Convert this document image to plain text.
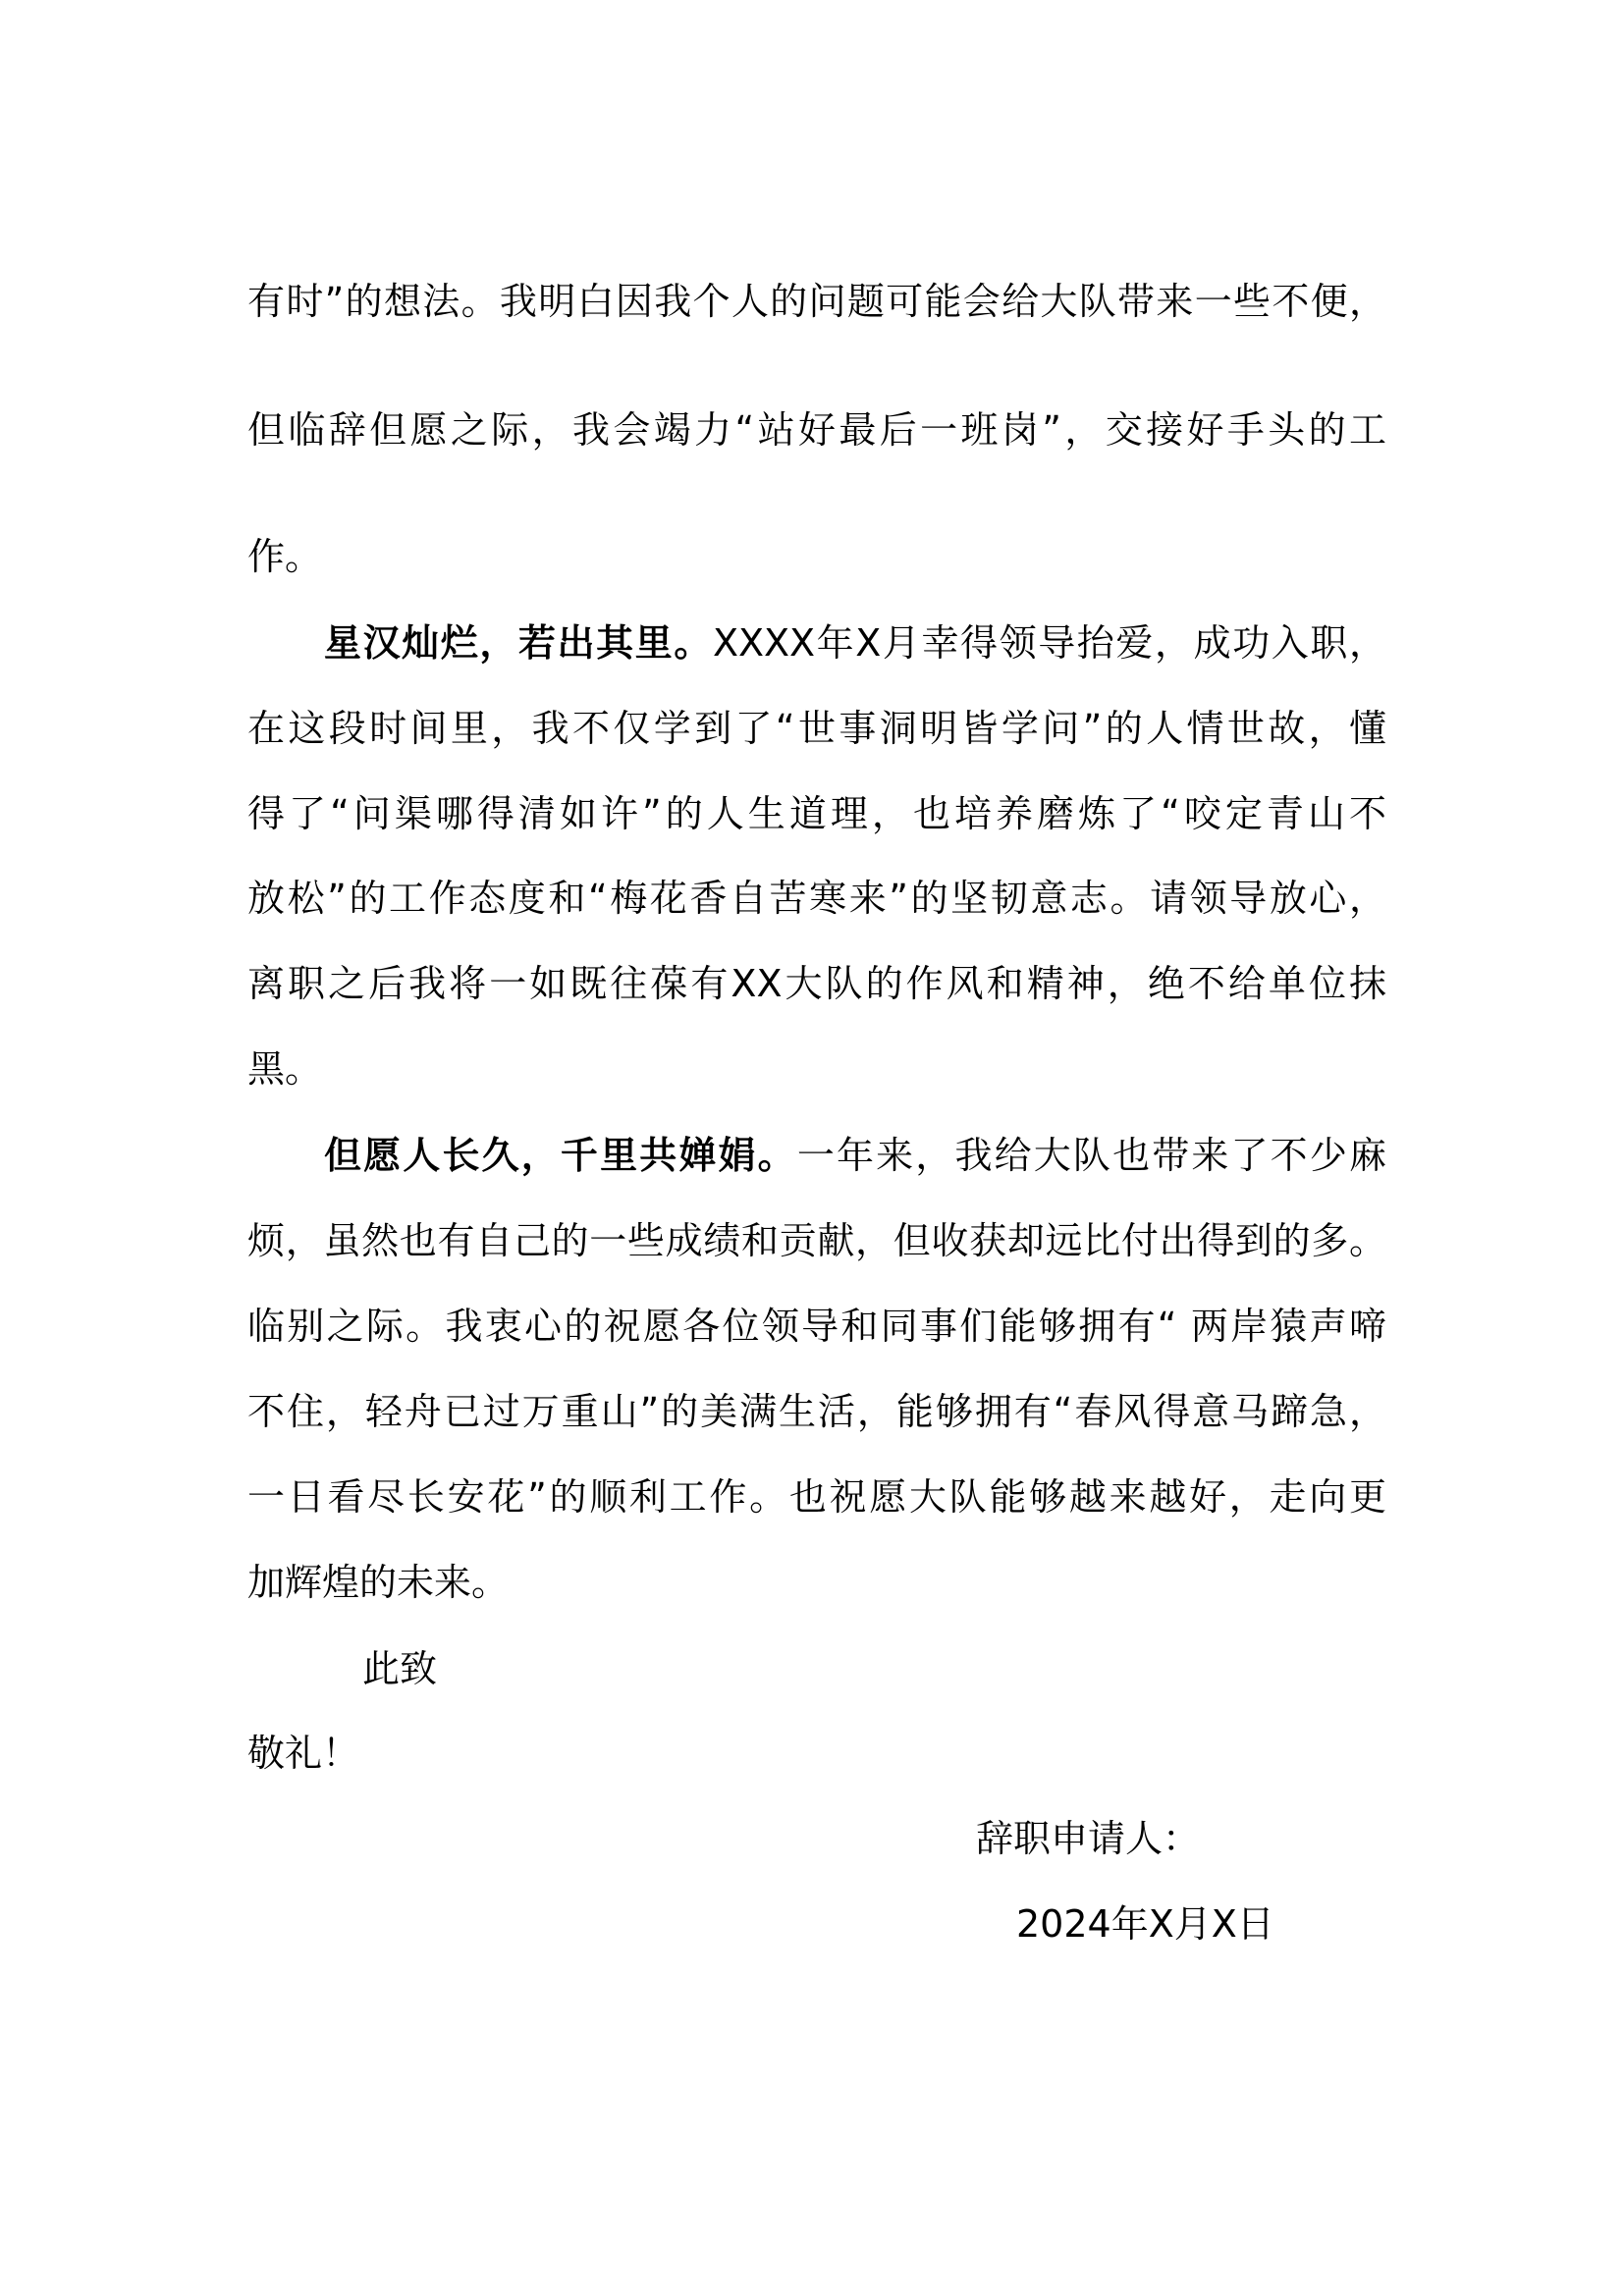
有时”的想法。我明白因我个人的问题可能会给大队带来一些不便，
但临辞但愿之际，我会竭力“站好最后一班岗”，交接好手头的工
作。
星汉灿烂，若出其里。XXXX年X月幸得领导抬爱，成功入职，
在这段时间里，我不仅学到了“世事洞明皆学问”的人情世故，懂
得了“问渠哪得清如许”的人生道理，也培养磨炼了“咬定青山不
放松”的工作态度和“梅花香自苦寒来”的坚韧意志。请领导放心，
离职之后我将一如既往葆有XX大队的作风和精神，绝不给单位抹
黑。
但愿人长久，千里共婵娟。一年来，我给大队也带来了不少麻
烦，虽然也有自己的一些成绩和贡献，但收获却远比付出得到的多。
临别之际。我衷心的祝愿各位领导和同事们能够拥有“ 两岸猿声啼
不住，轻舟已过万重山”的美满生活，能够拥有“春风得意马蹄急，
一日看尽长安花”的顺利工作。也祝愿大队能够越来越好，走向更
加辉煌的未来。
此致
敬礼！
辞职申请人：
2024年X月X日
